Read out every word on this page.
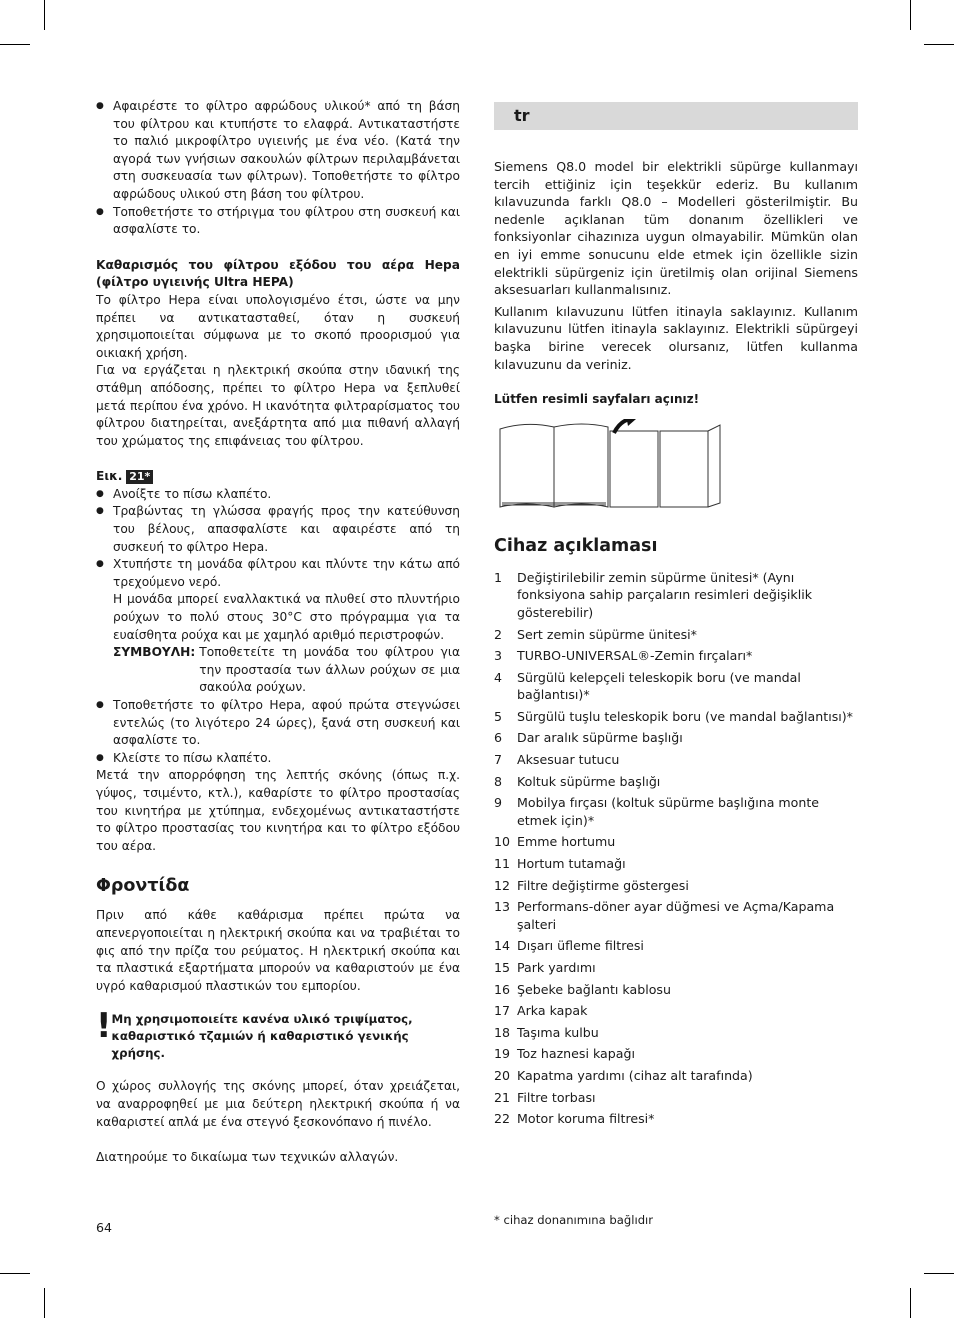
● Αφαιρέστε το φίλτρο αφρώδους υλικού* από τη βάση του φίλτρου και κτυπήστε το ελαφρά. Αντικαταστήστε το παλιό μικροφίλτρο υγιεινής με ένα νέο. (Κατά την αγορά των γνήσιων σακουλών φίλτρων περιλαμβάνεται στη συσκευασία των φίλτρων). Τοποθετήστε το φίλτρο αφρώδους υλικού στη βάση του φίλτρου.
● Τοποθετήστε το στήριγμα του φίλτρου στη συσκευή και ασφαλίστε το.

Καθαρισμός του φίλτρου εξόδου του αέρα Hepa (φίλτρο υγιεινής Ultra HEPA)

Το φίλτρο Hepa είναι υπολογισμένο έτσι, ώστε να μην πρέπει να αντικατασταθεί, όταν η συσκευή χρησιμοποιείται σύμφωνα με το σκοπό προορισμού για οικιακή χρήση.

Για να εργάζεται η ηλεκτρική σκούπα στην ιδανική της στάθμη απόδοσης, πρέπει το φίλτρο Hepa να ξεπλυθεί μετά περίπου ένα χρόνο. Η ικανότητα φιλτραρίσματος του φίλτρου διατηρείται, ανεξάρτητα από μια πιθανή αλλαγή του χρώματος της επιφάνειας του φίλτρου.

Εικ. 21*
● Ανοίξτε το πίσω κλαπέτο.
● Τραβώντας τη γλώσσα φραγής προς την κατεύθυνση του βέλους, απασφαλίστε και αφαιρέστε από τη συσκευή το φίλτρο Hepa.
● Χτυπήστε τη μονάδα φίλτρου και πλύντε την κάτω από τρεχούμενο νερό.
Η μονάδα μπορεί εναλλακτικά να πλυθεί στο πλυντήριο ρούχων το πολύ στους 30°C στο πρόγραμμα για τα ευαίσθητα ρούχα και με χαμηλό αριθμό περιστροφών.
ΣΥΜΒΟΥΛΗ: Τοποθετείτε τη μονάδα του φίλτρου για την προστασία των άλλων ρούχων σε μια σακούλα ρούχων.
● Τοποθετήστε το φίλτρο Hepa, αφού πρώτα στεγνώσει εντελώς (το λιγότερο 24 ώρες), ξανά στη συσκευή και ασφαλίστε το.
● Κλείστε το πίσω κλαπέτο.

Μετά την απορρόφηση της λεπτής σκόνης (όπως π.χ. γύψος, τσιμέντο, κτλ.), καθαρίστε το φίλτρο προστασίας του κινητήρα με χτύπημα, ενδεχομένως αντικαταστήστε το φίλτρο προστασίας του κινητήρα και το φίλτρο εξόδου του αέρα.

Φροντίδα

Πριν από κάθε καθάρισμα πρέπει πρώτα να απενεργοποιείται η ηλεκτρική σκούπα και να τραβιέται το φις από την πρίζα του ρεύματος. Η ηλεκτρική σκούπα και τα πλαστικά εξαρτήματα μπορούν να καθαριστούν με ένα υγρό καθαρισμού πλαστικών του εμπορίου.

! Μη χρησιμοποιείτε κανένα υλικό τριψίματος, καθαριστικό τζαμιών ή καθαριστικό γενικής χρήσης.

Ο χώρος συλλογής της σκόνης μπορεί, όταν χρειάζεται, να αναρροφηθεί με μια δεύτερη ηλεκτρική σκούπα ή να καθαριστεί απλά με ένα στεγνό ξεσκονόπανο ή πινέλο.

Διατηρούμε το δικαίωμα των τεχνικών αλλαγών.

tr

Siemens Q8.0 model bir elektrikli süpürge kullanmayı tercih ettiğiniz için teşekkür ederiz. Bu kullanım kılavuzunda farklı Q8.0 – Modelleri gösterilmiştir. Bu nedenle açıklanan tüm donanım özellikleri ve fonksiyonlar cihazınıza uygun olmayabilir. Mümkün olan en iyi emme sonucunu elde etmek için özellikle sizin elektrikli süpürgeniz için üretilmiş olan orijinal Siemens aksesuarları kullanmalısınız.

Kullanım kılavuzunu lütfen itinayla saklayınız. Kullanım kılavuzunu lütfen itinayla saklayınız. Elektrikli süpürgeyi başka birine verecek olursanız, lütfen kullanma kılavuzunu da veriniz.

Lütfen resimli sayfaları açınız!

Cihaz açıklaması
1	Değiştirilebilir zemin süpürme ünitesi* (Aynı fonksiyona sahip parçaların resimleri değişiklik gösterebilir)
2	Sert zemin süpürme ünitesi*
3	TURBO-UNIVERSAL®-Zemin fırçaları*
4	Sürgülü kelepçeli teleskopik boru (ve mandal bağlantısı)*
5	Sürgülü tuşlu teleskopik boru (ve mandal bağlantısı)*
6	Dar aralık süpürme başlığı
7	Aksesuar tutucu
8	Koltuk süpürme başlığı
9	Mobilya fırçası (koltuk süpürme başlığına monte etmek için)*
10 Emme hortumu
11 Hortum tutamağı
12 Filtre değiştirme göstergesi
13 Performans-döner ayar düğmesi ve Açma/Kapama şalteri
14 Dışarı üfleme filtresi
15 Park yardımı
16 Şebeke bağlantı kablosu
17 Arka kapak
18 Taşıma kulbu
19 Toz haznesi kapağı
20 Kapatma yardımı (cihaz alt tarafında)
21 Filtre torbası
22 Motor koruma filtresi*
64	* cihaz donanımına bağlıdır
